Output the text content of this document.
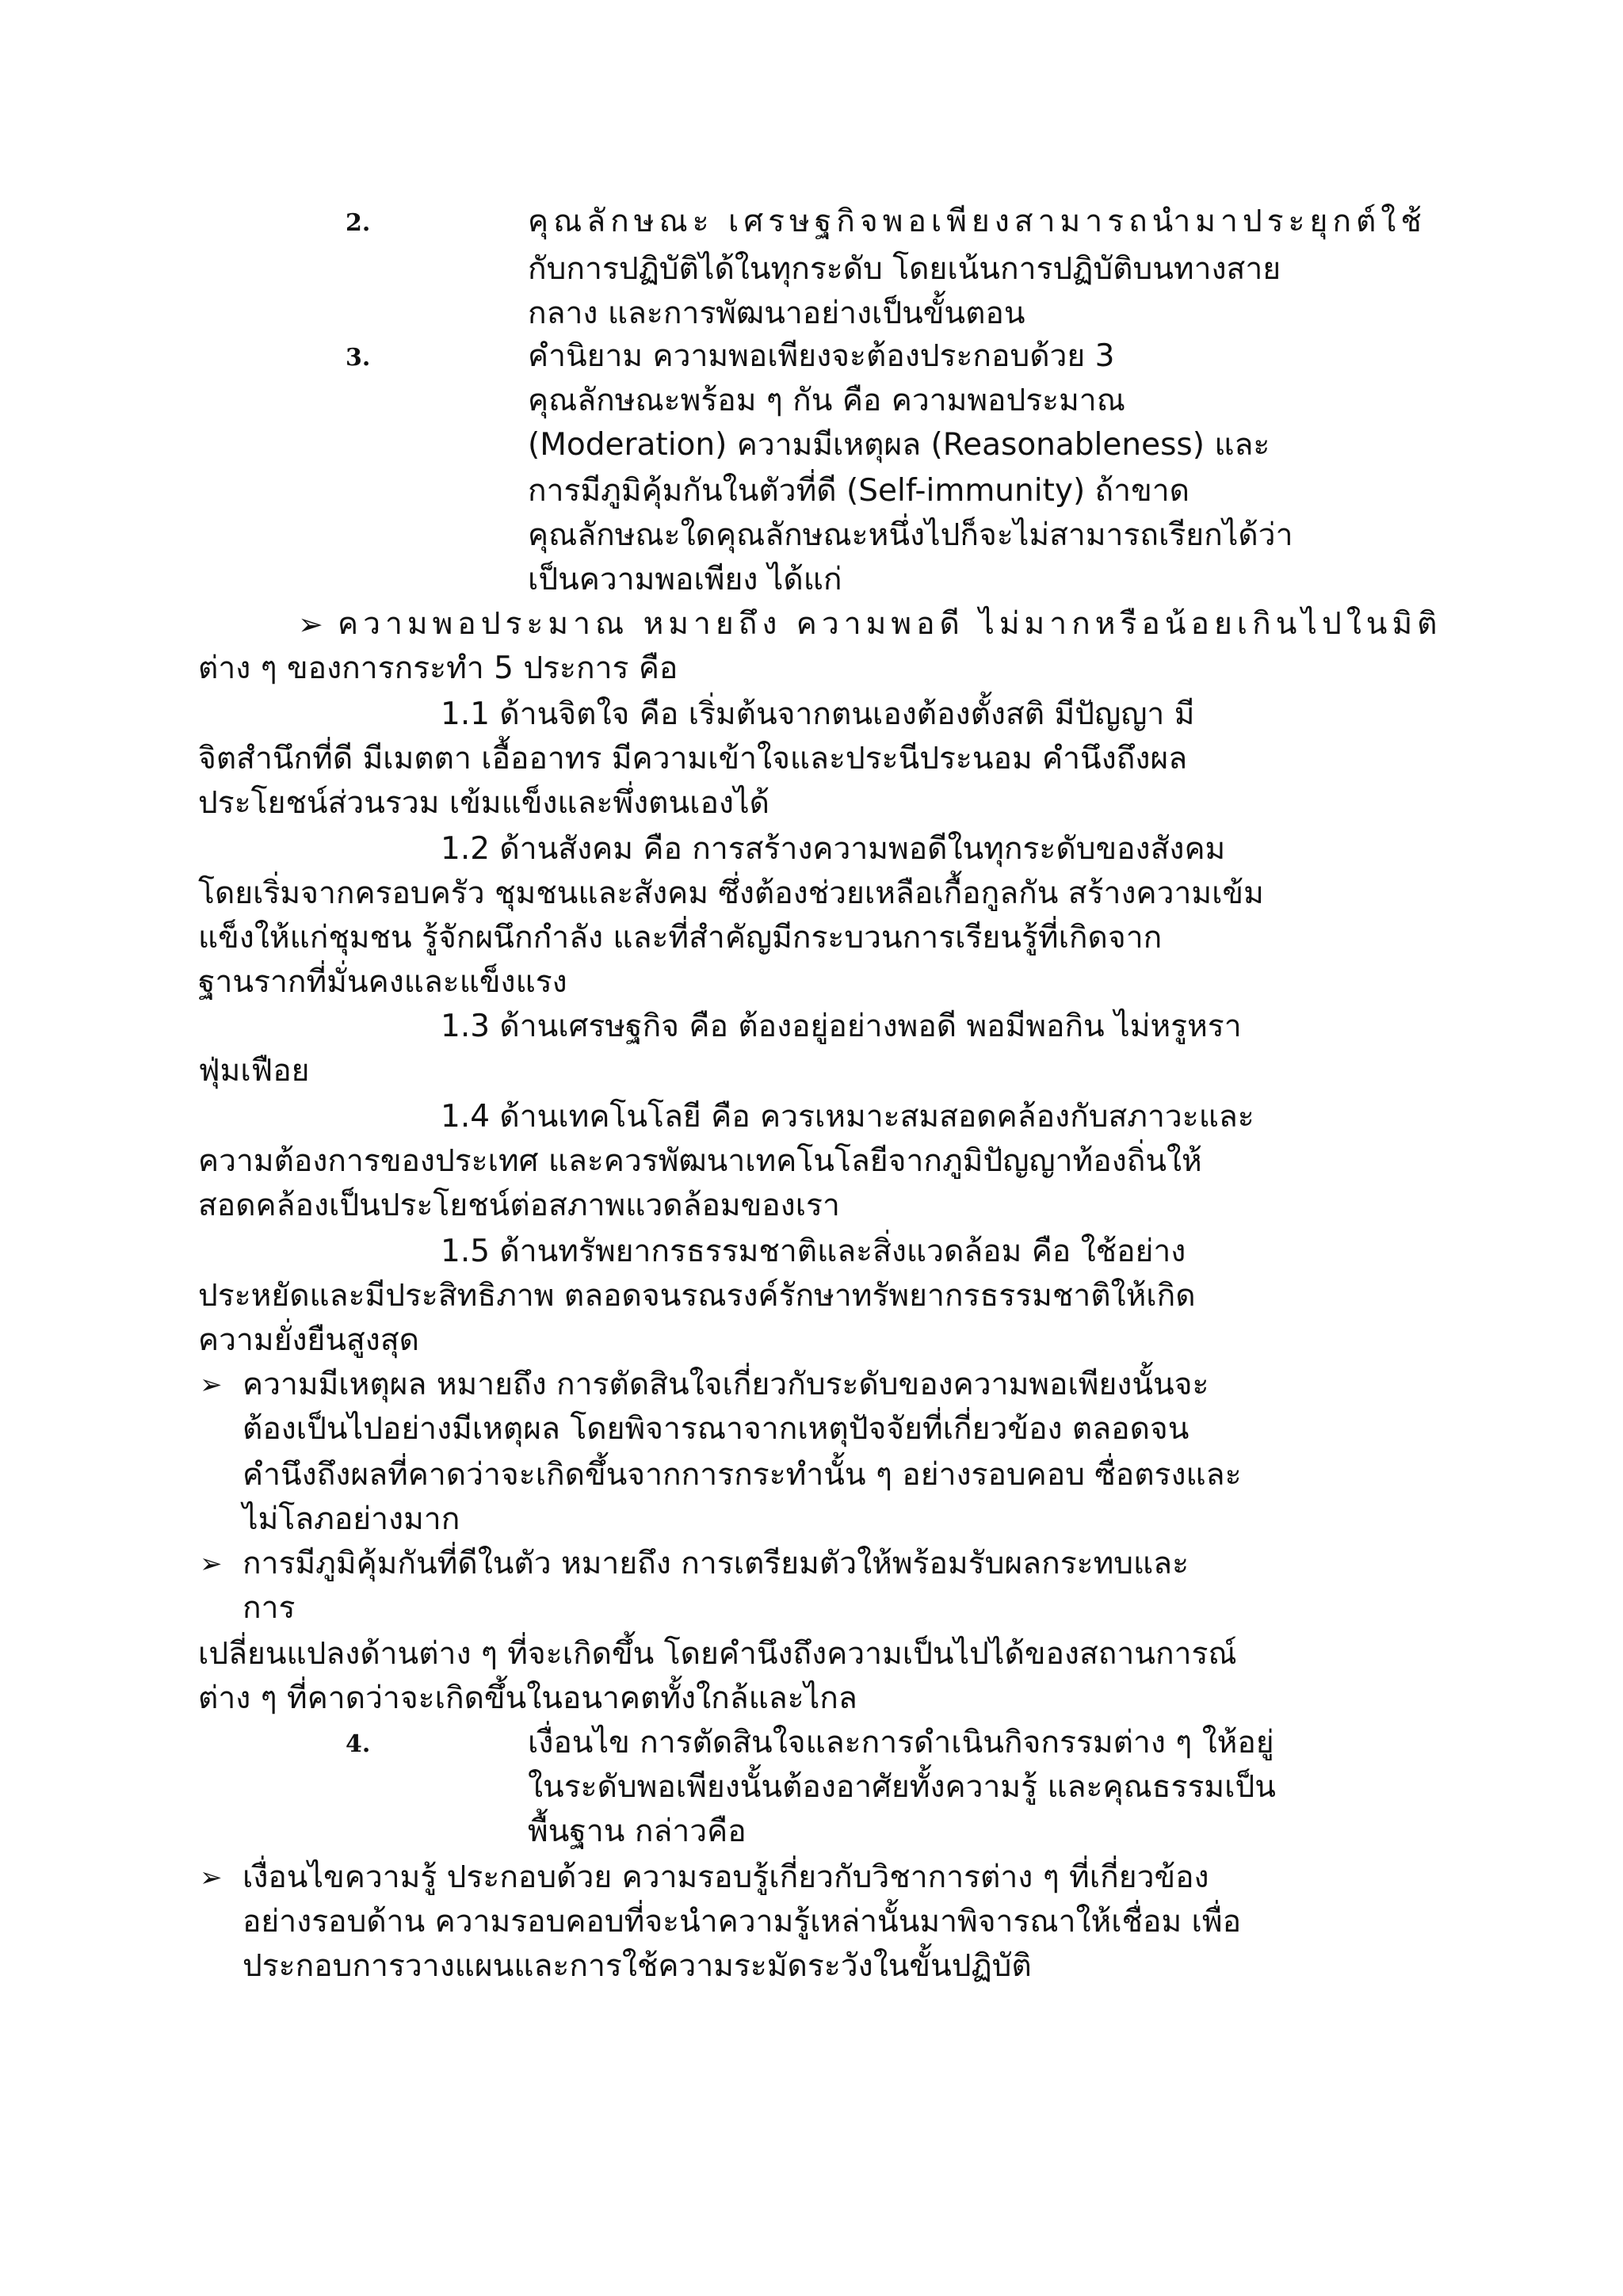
2.	คุณลักษณะ เศรษฐกิจพอเพียงสามารถนำมาประยุกต์ใช้
กับการปฏิบัติได้ในทุกระดับ โดยเน้นการปฏิบัติบนทางสาย
กลาง และการพัฒนาอย่างเป็นขั้นตอน
3.	คำนิยาม ความพอเพียงจะต้องประกอบด้วย 3
คุณลักษณะพร้อม ๆ กัน คือ ความพอประมาณ
(Moderation) ความมีเหตุผล (Reasonableness) และ
การมีภูมิคุ้มกันในตัวที่ดี (Self-immunity) ถ้าขาด
คุณลักษณะใดคุณลักษณะหนึ่งไปก็จะไม่สามารถเรียกได้ว่า
เป็นความพอเพียง ได้แก่
➢ ความพอประมาณ หมายถึง ความพอดี ไม่มากหรือน้อยเกินไปในมิติ
ต่าง ๆ ของการกระทำ 5 ประการ คือ
1.1 ด้านจิตใจ คือ เริ่มต้นจากตนเองต้องตั้งสติ มีปัญญา มี
จิตสำนึกที่ดี มีเมตตา เอื้ออาทร มีความเข้าใจและประนีประนอม คำนึงถึงผล
ประโยชน์ส่วนรวม เข้มแข็งและพึ่งตนเองได้
1.2 ด้านสังคม คือ การสร้างความพอดีในทุกระดับของสังคม
โดยเริ่มจากครอบครัว ชุมชนและสังคม ซึ่งต้องช่วยเหลือเกื้อกูลกัน สร้างความเข้ม
แข็งให้แก่ชุมชน รู้จักผนึกกำลัง และที่สำคัญมีกระบวนการเรียนรู้ที่เกิดจาก
ฐานรากที่มั่นคงและแข็งแรง
1.3 ด้านเศรษฐกิจ คือ ต้องอยู่อย่างพอดี พอมีพอกิน ไม่หรูหรา
ฟุ่มเฟือย
1.4 ด้านเทคโนโลยี คือ ควรเหมาะสมสอดคล้องกับสภาวะและ
ความต้องการของประเทศ และควรพัฒนาเทคโนโลยีจากภูมิปัญญาท้องถิ่นให้
สอดคล้องเป็นประโยชน์ต่อสภาพแวดล้อมของเรา
1.5 ด้านทรัพยากรธรรมชาติและสิ่งแวดล้อม คือ ใช้อย่าง
ประหยัดและมีประสิทธิภาพ ตลอดจนรณรงค์รักษาทรัพยากรธรรมชาติให้เกิด
ความยั่งยืนสูงสุด
➢ ความมีเหตุผล หมายถึง การตัดสินใจเกี่ยวกับระดับของความพอเพียงนั้นจะ
ต้องเป็นไปอย่างมีเหตุผล โดยพิจารณาจากเหตุปัจจัยที่เกี่ยวข้อง ตลอดจน
คำนึงถึงผลที่คาดว่าจะเกิดขึ้นจากการกระทำนั้น ๆ อย่างรอบคอบ ซื่อตรงและ
ไม่โลภอย่างมาก
➢ การมีภูมิคุ้มกันที่ดีในตัว หมายถึง การเตรียมตัวให้พร้อมรับผลกระทบและ
การ
เปลี่ยนแปลงด้านต่าง ๆ ที่จะเกิดขึ้น โดยคำนึงถึงความเป็นไปได้ของสถานการณ์
ต่าง ๆ ที่คาดว่าจะเกิดขึ้นในอนาคตทั้งใกล้และไกล
4.	เงื่อนไข การตัดสินใจและการดำเนินกิจกรรมต่าง ๆ ให้อยู่
ในระดับพอเพียงนั้นต้องอาศัยทั้งความรู้ และคุณธรรมเป็น
พื้นฐาน กล่าวคือ
➢ เงื่อนไขความรู้ ประกอบด้วย ความรอบรู้เกี่ยวกับวิชาการต่าง ๆ ที่เกี่ยวข้อง
อย่างรอบด้าน ความรอบคอบที่จะนำความรู้เหล่านั้นมาพิจารณาให้เชื่อม เพื่อ
ประกอบการวางแผนและการใช้ความระมัดระวังในขั้นปฏิบัติ
